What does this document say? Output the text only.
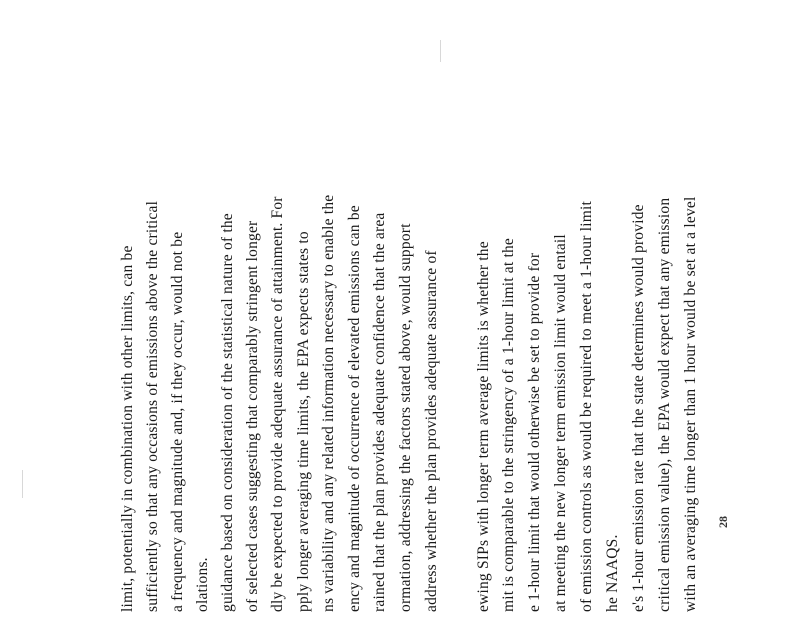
limit, potentially in combination with other limits, can be sufficiently so that any occasions of emissions above the critical a frequency and magnitude and, if they occur, would not be olations. guidance based on consideration of the statistical nature of the of selected cases suggesting that comparably stringent longer dly be expected to provide adequate assurance of attainment. For pply longer averaging time limits, the EPA expects states to ns variability and any related information necessary to enable the ency and magnitude of occurrence of elevated emissions can be rained that the plan provides adequate confidence that the area ormation, addressing the factors stated above, would support address whether the plan provides adequate assurance of ewing SIPs with longer term average limits is whether the mit is comparable to the stringency of a 1-hour limit at the e 1-hour limit that would otherwise be set to provide for at meeting the new longer term emission limit would entail of emission controls as would be required to meet a 1-hour limit he NAAQS. e's 1-hour emission rate that the state determines would provide critical emission value), the EPA would expect that any emission with an averaging time longer than 1 hour would be set at a level 28
